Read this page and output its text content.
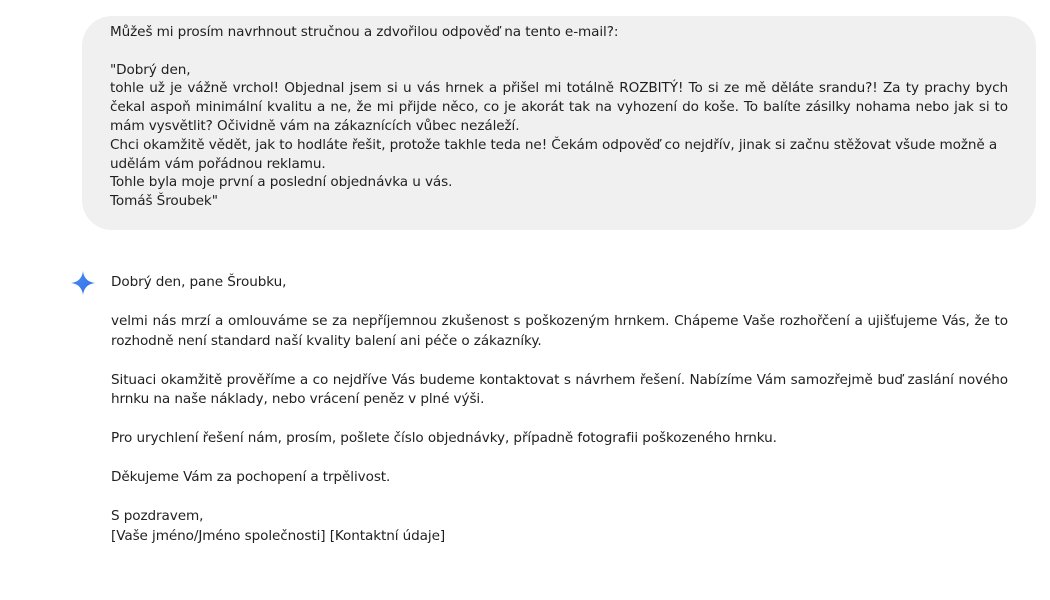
Můžeš mi prosím navrhnout stručnou a zdvořilou odpověď na tento e-mail?:

"Dobrý den,

tohle už je vážně vrchol! Objednal jsem si u vás hrnek a přišel mi totálně ROZBITÝ! To si ze mě děláte srandu?! Za ty prachy bych čekal aspoň minimální kvalitu a ne, že mi přijde něco, co je akorát tak na vyhození do koše. To balíte zásilky nohama nebo jak si to mám vysvětlit? Očividně vám na zákaznících vůbec nezáleží.

Chci okamžitě vědět, jak to hodláte řešit, protože takhle teda ne! Čekám odpověď co nejdřív, jinak si začnu stěžovat všude možně a udělám vám pořádnou reklamu.

Tohle byla moje první a poslední objednávka u vás.

Tomáš Šroubek"

Dobrý den, pane Šroubku,

velmi nás mrzí a omlouváme se za nepříjemnou zkušenost s poškozeným hrnkem. Chápeme Vaše rozhořčení a ujišťujeme Vás, že to rozhodně není standard naší kvality balení ani péče o zákazníky.

Situaci okamžitě prověříme a co nejdříve Vás budeme kontaktovat s návrhem řešení. Nabízíme Vám samozřejmě buď zaslání nového hrnku na naše náklady, nebo vrácení peněz v plné výši.

Pro urychlení řešení nám, prosím, pošlete číslo objednávky, případně fotografii poškozeného hrnku.

Děkujeme Vám za pochopení a trpělivost.

S pozdravem,
[Vaše jméno/Jméno společnosti] [Kontaktní údaje]
